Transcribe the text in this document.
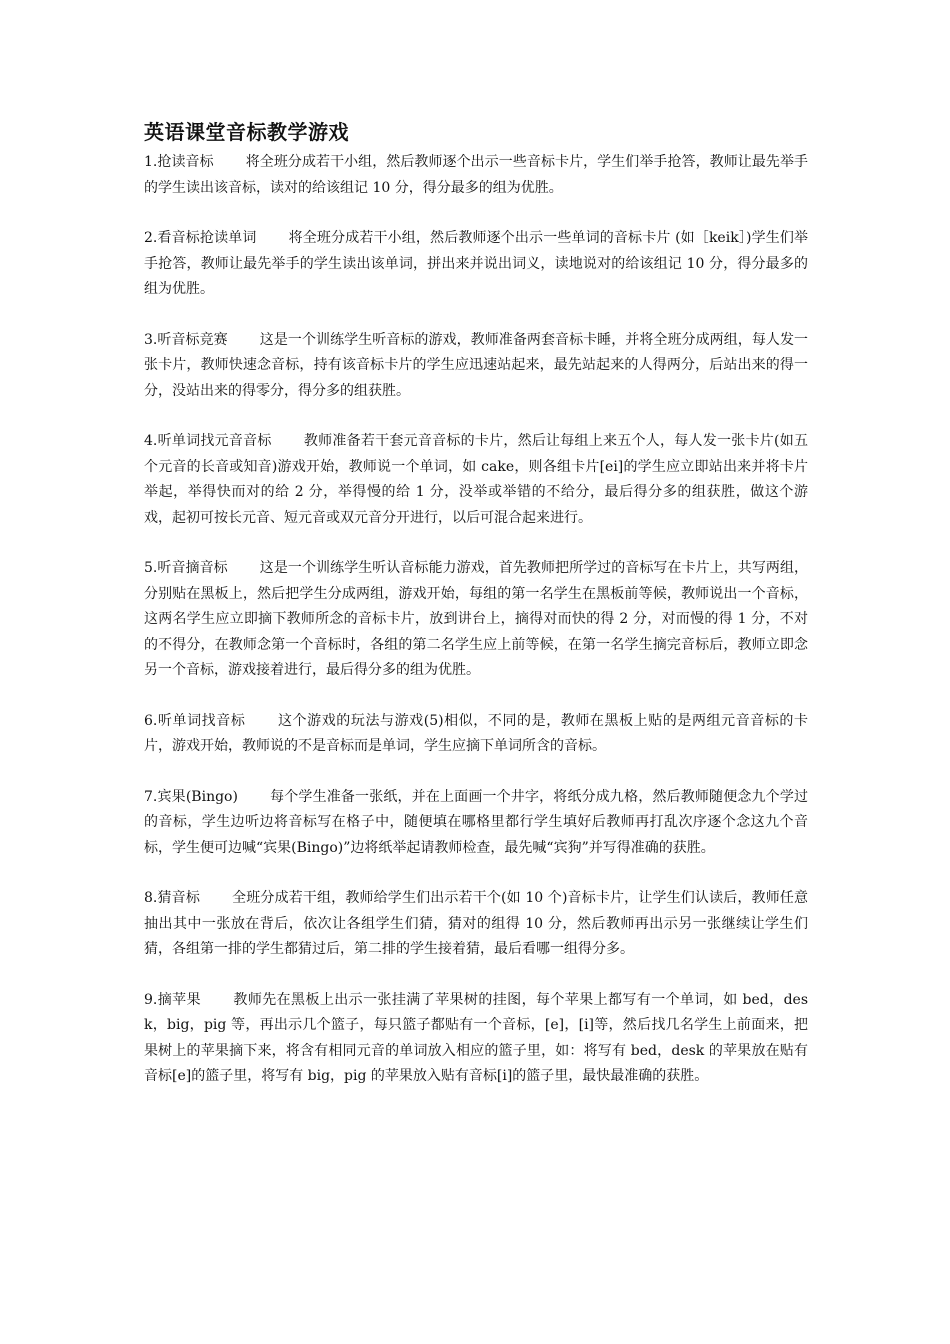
英语课堂音标教学游戏

1.抢读音标 将全班分成若干小组，然后教师逐个出示一些音标卡片，学生们举手抢答，教师让最先举手的学生读出该音标，读对的给该组记 10 分，得分最多的组为优胜。

2.看音标抢读单词 将全班分成若干小组，然后教师逐个出示一些单词的音标卡片 (如［keik］)学生们举手抢答，教师让最先举手的学生读出该单词，拼出来并说出词义，读地说对的给该组记 10 分，得分最多的组为优胜。

3.听音标竞赛 这是一个训练学生听音标的游戏，教师准备两套音标卡睡，并将全班分成两组，每人发一张卡片，教师快速念音标，持有该音标卡片的学生应迅速站起来，最先站起来的人得两分，后站出来的得一分，没站出来的得零分，得分多的组获胜。

4.听单词找元音音标 教师准备若干套元音音标的卡片，然后让每组上来五个人，每人发一张卡片(如五个元音的长音或知音)游戏开始，教师说一个单词，如 cake，则各组卡片[ei]的学生应立即站出来并将卡片举起，举得快而对的给 2 分，举得慢的给 1 分，没举或举错的不给分，最后得分多的组获胜，做这个游戏，起初可按长元音、短元音或双元音分开进行，以后可混合起来进行。

5.听音摘音标 这是一个训练学生听认音标能力游戏，首先教师把所学过的音标写在卡片上，共写两组，分别贴在黑板上，然后把学生分成两组，游戏开始，每组的第一名学生在黑板前等候，教师说出一个音标，这两名学生应立即摘下教师所念的音标卡片，放到讲台上，摘得对而快的得 2 分，对而慢的得 1 分，不对的不得分，在教师念第一个音标时，各组的第二名学生应上前等候，在第一名学生摘完音标后，教师立即念另一个音标，游戏接着进行，最后得分多的组为优胜。

6.听单词找音标 这个游戏的玩法与游戏(5)相似，不同的是，教师在黑板上贴的是两组元音音标的卡片，游戏开始，教师说的不是音标而是单词，学生应摘下单词所含的音标。

7.宾果(Bingo) 每个学生准备一张纸，并在上面画一个井字，将纸分成九格，然后教师随便念九个学过的音标，学生边听边将音标写在格子中，随便填在哪格里都行学生填好后教师再打乱次序逐个念这九个音标，学生便可边喊“宾果(Bingo)”边将纸举起请教师检查，最先喊“宾狗”并写得准确的获胜。

8.猜音标 全班分成若干组，教师给学生们出示若干个(如 10 个)音标卡片，让学生们认读后，教师任意抽出其中一张放在背后，依次让各组学生们猜，猜对的组得 10 分，然后教师再出示另一张继续让学生们猜，各组第一排的学生都猜过后，第二排的学生接着猜，最后看哪一组得分多。

9.摘苹果 教师先在黑板上出示一张挂满了苹果树的挂图，每个苹果上都写有一个单词，如 bed，desk，big，pig 等，再出示几个篮子，每只篮子都贴有一个音标，[e]，[i]等，然后找几名学生上前面来，把果树上的苹果摘下来，将含有相同元音的单词放入相应的篮子里，如：将写有 bed，desk 的苹果放在贴有音标[e]的篮子里，将写有 big，pig 的苹果放入贴有音标[i]的篮子里，最快最准确的获胜。
